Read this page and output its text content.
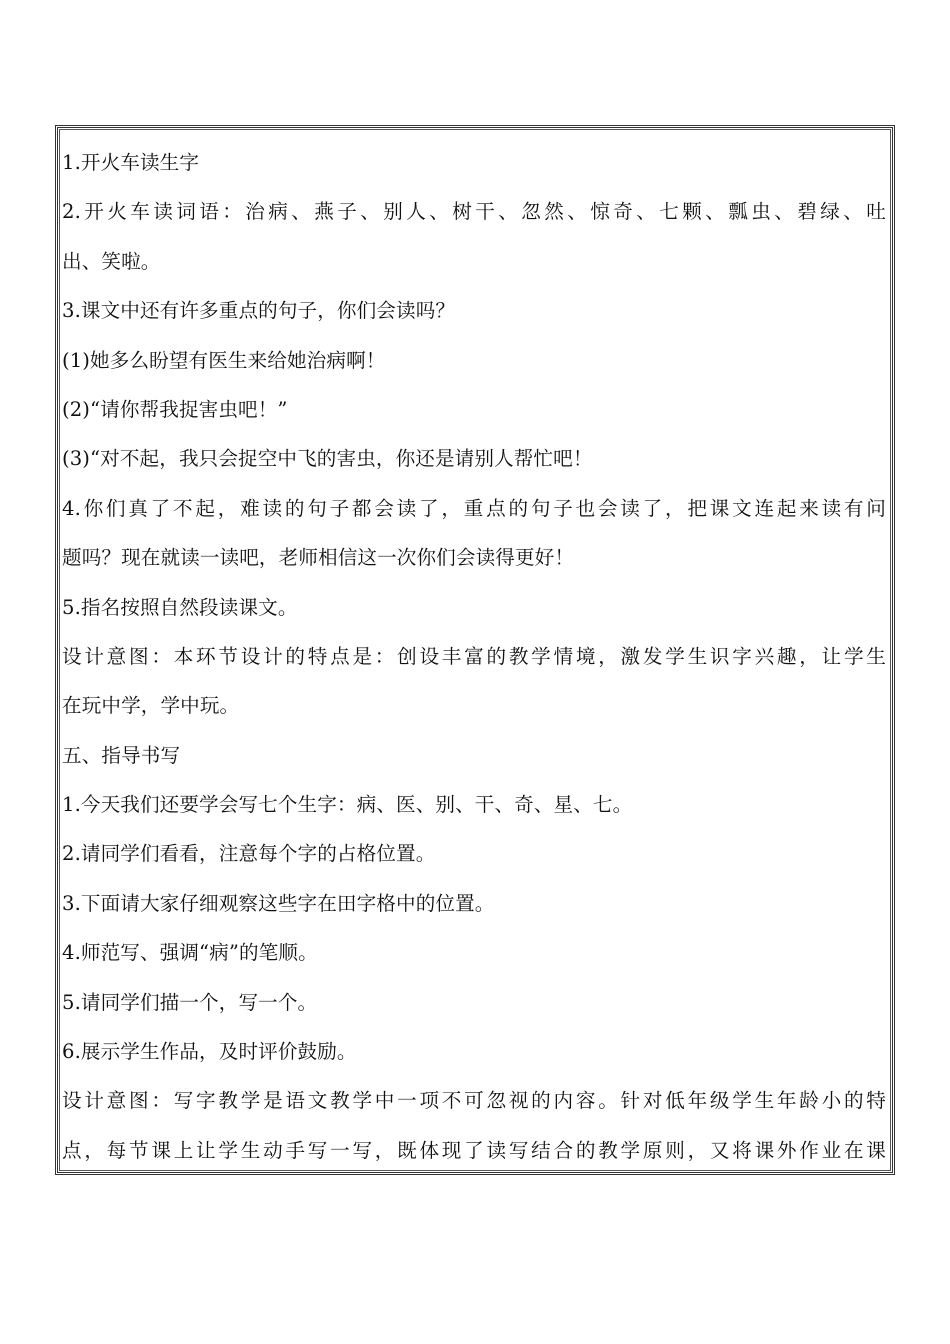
1.开火车读生字
2.开火车读词语：治病、燕子、别人、树干、忽然、惊奇、七颗、瓢虫、碧绿、吐
出、笑啦。
3.课文中还有许多重点的句子，你们会读吗？
(1)她多么盼望有医生来给她治病啊！
(2)“请你帮我捉害虫吧！”
(3)“对不起，我只会捉空中飞的害虫，你还是请别人帮忙吧！
4.你们真了不起，难读的句子都会读了，重点的句子也会读了，把课文连起来读有问
题吗？现在就读一读吧，老师相信这一次你们会读得更好！
5.指名按照自然段读课文。
设计意图：本环节设计的特点是：创设丰富的教学情境，激发学生识字兴趣，让学生
在玩中学，学中玩。
五、指导书写
1.今天我们还要学会写七个生字：病、医、别、干、奇、星、七。
2.请同学们看看，注意每个字的占格位置。
3.下面请大家仔细观察这些字在田字格中的位置。
4.师范写、强调“病”的笔顺。
5.请同学们描一个，写一个。
6.展示学生作品，及时评价鼓励。
设计意图：写字教学是语文教学中一项不可忽视的内容。针对低年级学生年龄小的特
点，每节课上让学生动手写一写，既体现了读写结合的教学原则，又将课外作业在课
